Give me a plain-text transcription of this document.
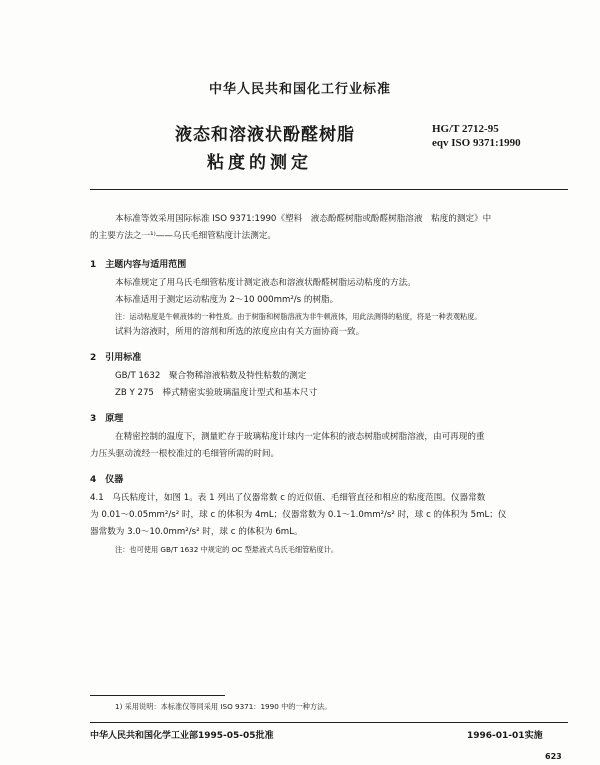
中华人民共和国化工行业标准
液态和溶液状酚醛树脂
粘度的测定
HG/T 2712-95
eqv ISO 9371:1990
本标准等效采用国际标准 ISO 9371:1990《塑料　液态酚醛树脂或酚醛树脂溶液　粘度的测定》中
的主要方法之一¹⁾——乌氏毛细管粘度计法测定。
1　主题内容与适用范围
本标准规定了用乌氏毛细管粘度计测定液态和溶液状酚醛树脂运动粘度的方法。
本标准适用于测定运动粘度为 2～10 000mm²/s 的树脂。
注：运动粘度是牛顿液体的一种性质。由于树脂和树脂溶液为非牛顿液体，用此法测得的粘度，将是一种表观粘度。
试料为溶液时，所用的溶剂和所选的浓度应由有关方面协商一致。
2　引用标准
GB/T 1632　聚合物稀溶液粘数及特性粘数的测定
ZB Y 275　棒式精密实验玻璃温度计型式和基本尺寸
3　原理
在精密控制的温度下，测量贮存于玻璃粘度计球内一定体积的液态树脂或树脂溶液，由可再现的重
力压头驱动流经一根校准过的毛细管所需的时间。
4　仪器
4.1　乌氏粘度计，如图 1。表 1 列出了仪器常数 c 的近似值、毛细管直径和相应的粘度范围。仪器常数
为 0.01～0.05mm²/s² 时，球 c 的体积为 4mL；仪器常数为 0.1～1.0mm²/s² 时，球 c 的体积为 5mL；仪
器常数为 3.0～10.0mm²/s² 时，球 c 的体积为 6mL。
注：也可使用 GB/T 1632 中规定的 OC 型悬液式乌氏毛细管粘度计。
1) 采用说明：本标准仅等同采用 ISO 9371：1990 中的一种方法。
中华人民共和国化学工业部1995-05-05批准	1996-01-01实施
623
